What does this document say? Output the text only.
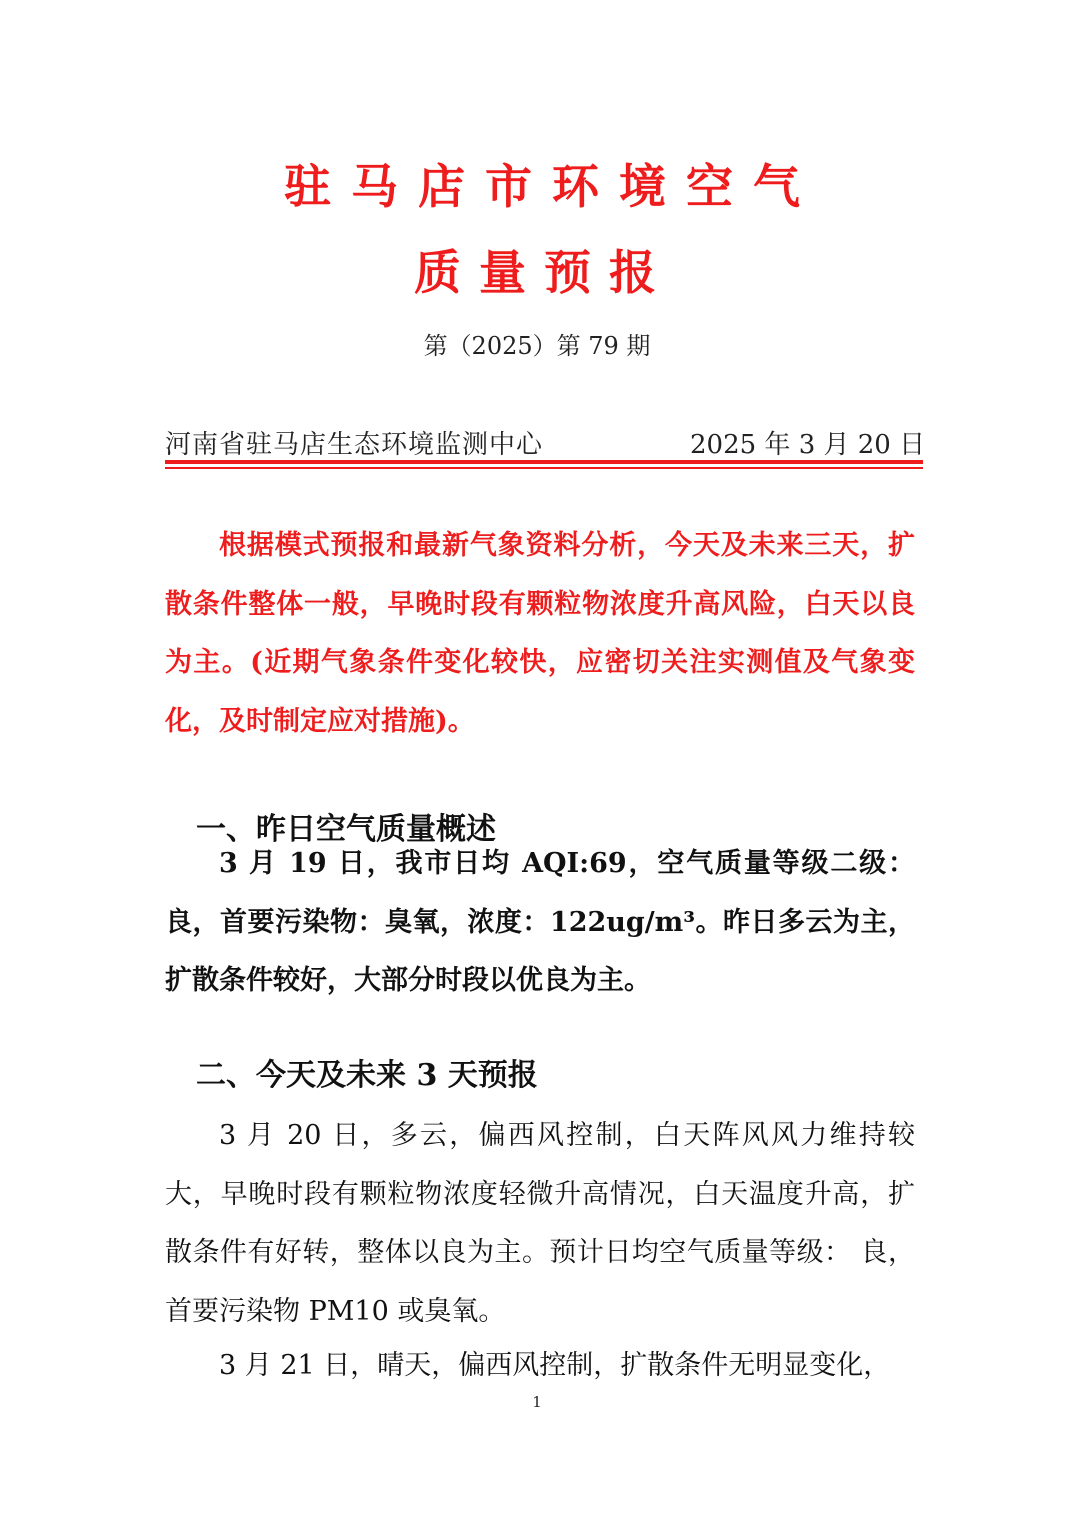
驻马店市环境空气
质量预报
第（2025）第 79 期
河南省驻马店生态环境监测中心	2025 年 3 月 20 日

根据模式预报和最新气象资料分析，今天及未来三天，扩散条件整体一般，早晚时段有颗粒物浓度升高风险，白天以良为主。(近期气象条件变化较快，应密切关注实测值及气象变化，及时制定应对措施)。

一、昨日空气质量概述

3 月 19 日，我市日均 AQI:69，空气质量等级二级：良，首要污染物：臭氧，浓度：122ug/m³。昨日多云为主，扩散条件较好，大部分时段以优良为主。

二、今天及未来 3 天预报

3 月 20 日，多云，偏西风控制，白天阵风风力维持较大，早晚时段有颗粒物浓度轻微升高情况，白天温度升高，扩散条件有好转，整体以良为主。预计日均空气质量等级： 良，首要污染物 PM10 或臭氧。

3 月 21 日，晴天，偏西风控制，扩散条件无明显变化，

1
